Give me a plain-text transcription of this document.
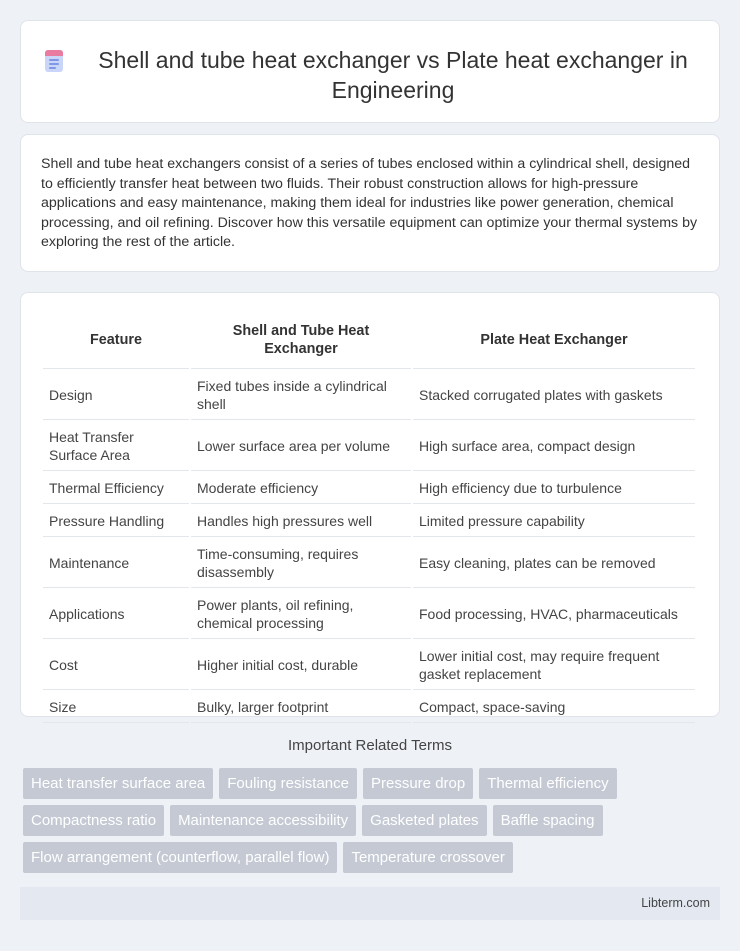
Shell and tube heat exchanger vs Plate heat exchanger in Engineering

Shell and tube heat exchangers consist of a series of tubes enclosed within a cylindrical shell, designed to efficiently transfer heat between two fluids. Their robust construction allows for high-pressure applications and easy maintenance, making them ideal for industries like power generation, chemical processing, and oil refining. Discover how this versatile equipment can optimize your thermal systems by exploring the rest of the article.

Feature	Shell and Tube Heat Exchanger	Plate Heat Exchanger
Design	Fixed tubes inside a cylindrical shell	Stacked corrugated plates with gaskets
Heat Transfer Surface Area	Lower surface area per volume	High surface area, compact design
Thermal Efficiency	Moderate efficiency	High efficiency due to turbulence
Pressure Handling	Handles high pressures well	Limited pressure capability
Maintenance	Time-consuming, requires disassembly	Easy cleaning, plates can be removed
Applications	Power plants, oil refining, chemical processing	Food processing, HVAC, pharmaceuticals
Cost	Higher initial cost, durable	Lower initial cost, may require frequent gasket replacement
Size	Bulky, larger footprint	Compact, space-saving
Important Related Terms
Heat transfer surface area	Fouling resistance	Pressure drop	Thermal efficiency
Compactness ratio	Maintenance accessibility	Gasketed plates	Baffle spacing
Flow arrangement (counterflow, parallel flow)	Temperature crossover
Libterm.com
